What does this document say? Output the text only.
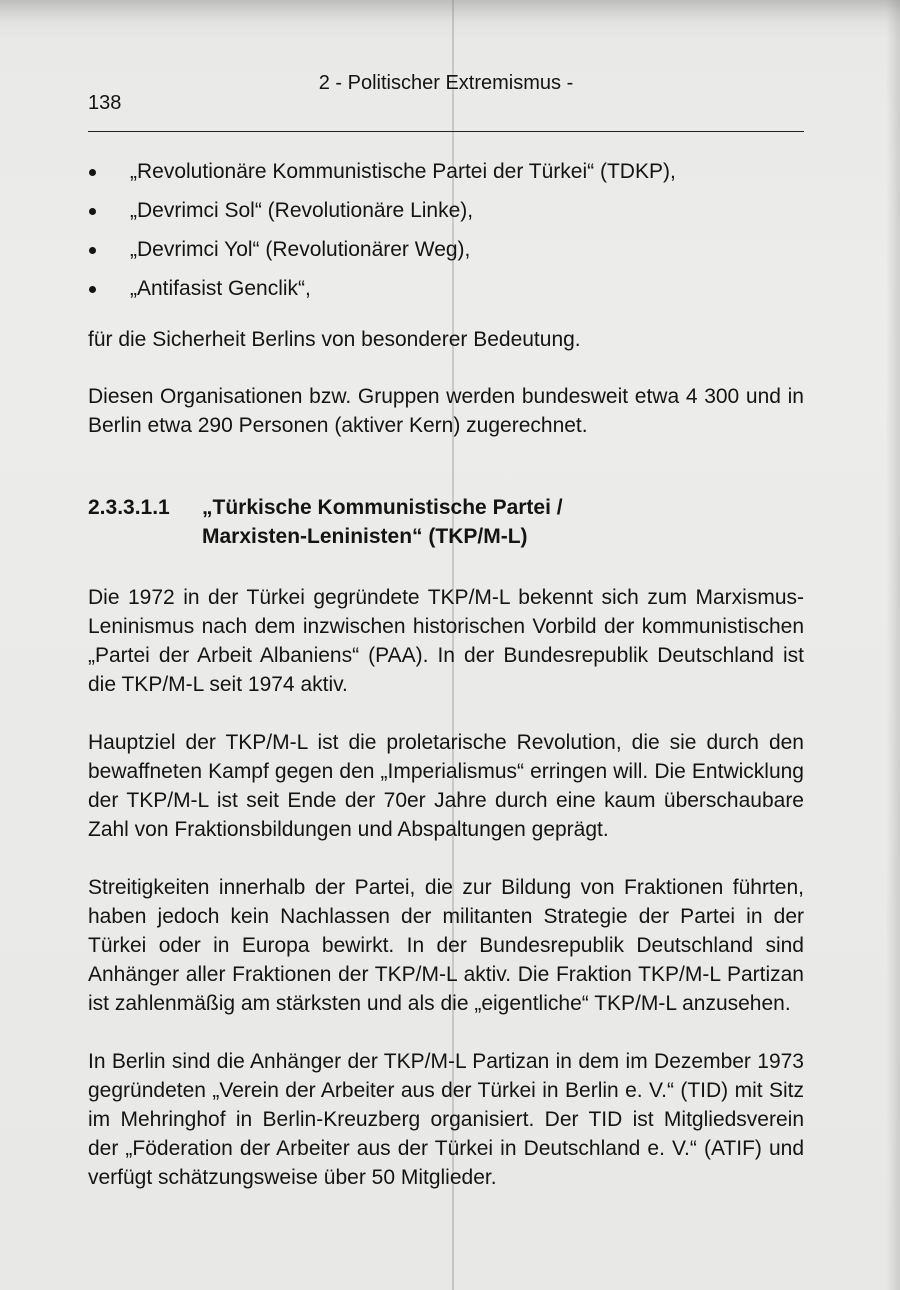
2 - Politischer Extremismus -
138
„Revolutionäre Kommunistische Partei der Türkei“ (TDKP),
„Devrimci Sol“ (Revolutionäre Linke),
„Devrimci Yol“ (Revolutionärer Weg),
„Antifasist Genclik“,

für die Sicherheit Berlins von besonderer Bedeutung.

Diesen Organisationen bzw. Gruppen werden bundesweit etwa 4 300 und in Berlin etwa 290 Personen (aktiver Kern) zugerechnet.

2.3.3.1.1	„Türkische Kommunistische Partei / Marxisten-Leninisten“ (TKP/M-L)

Die 1972 in der Türkei gegründete TKP/M-L bekennt sich zum Marxismus-Leninismus nach dem inzwischen historischen Vorbild der kommunistischen „Partei der Arbeit Albaniens“ (PAA). In der Bundesrepublik Deutschland ist die TKP/M-L seit 1974 aktiv.

Hauptziel der TKP/M-L ist die proletarische Revolution, die sie durch den bewaffneten Kampf gegen den „Imperialismus“ erringen will. Die Entwicklung der TKP/M-L ist seit Ende der 70er Jahre durch eine kaum überschaubare Zahl von Fraktionsbildungen und Abspaltungen geprägt.

Streitigkeiten innerhalb der Partei, die zur Bildung von Fraktionen führten, haben jedoch kein Nachlassen der militanten Strategie der Partei in der Türkei oder in Europa bewirkt. In der Bundesrepublik Deutschland sind Anhänger aller Fraktionen der TKP/M-L aktiv. Die Fraktion TKP/M-L Partizan ist zahlenmäßig am stärksten und als die „eigentliche“ TKP/M-L anzusehen.

In Berlin sind die Anhänger der TKP/M-L Partizan in dem im Dezember 1973 gegründeten „Verein der Arbeiter aus der Türkei in Berlin e. V.“ (TID) mit Sitz im Mehringhof in Berlin-Kreuzberg organisiert. Der TID ist Mitgliedsverein der „Föderation der Arbeiter aus der Türkei in Deutschland e. V.“ (ATIF) und verfügt schätzungsweise über 50 Mitglieder.
